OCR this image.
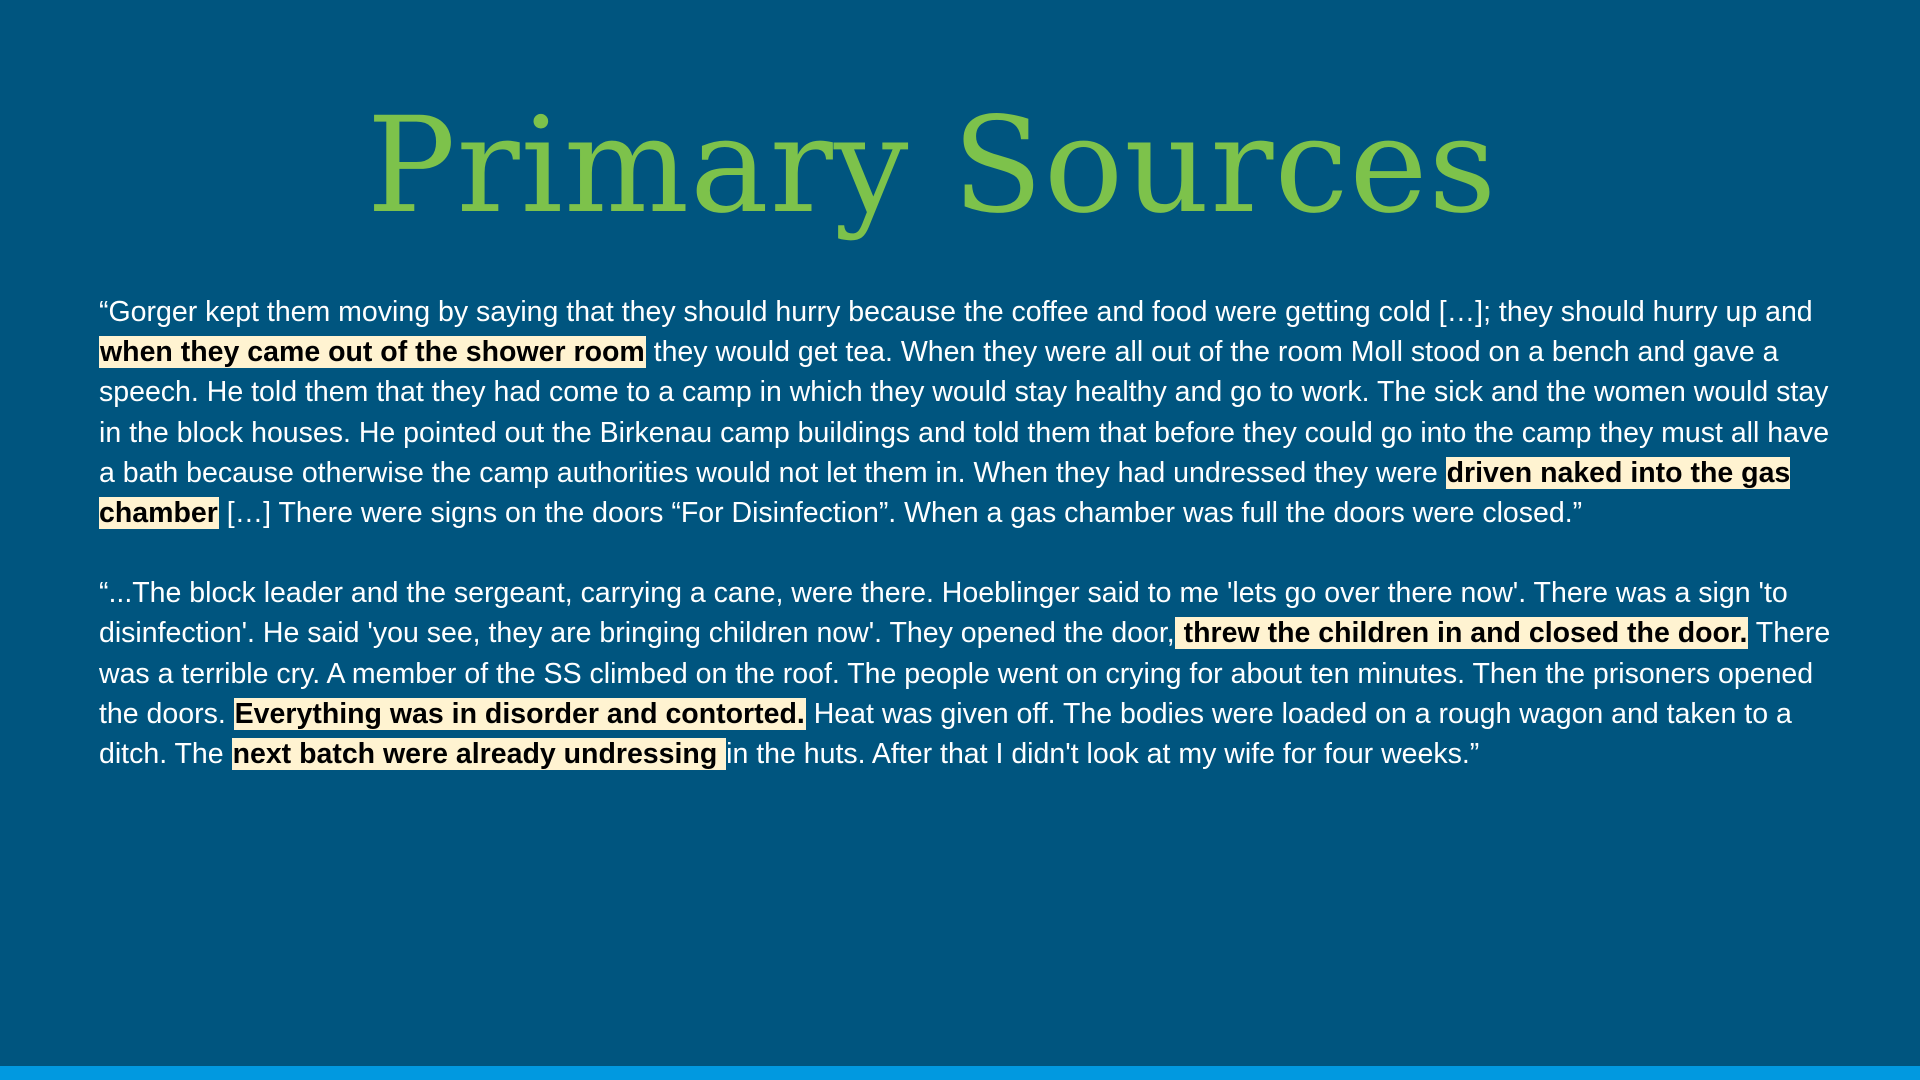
Primary Sources

“Gorger kept them moving by saying that they should hurry because the coffee and food were getting cold […]; they should hurry up and when they came out of the shower room they would get tea. When they were all out of the room Moll stood on a bench and gave a speech. He told them that they had come to a camp in which they would stay healthy and go to work. The sick and the women would stay in the block houses. He pointed out the Birkenau camp buildings and told them that before they could go into the camp they must all have a bath because otherwise the camp authorities would not let them in. When they had undressed they were driven naked into the gas chamber […] There were signs on the doors “For Disinfection”. When a gas chamber was full the doors were closed.”

“...The block leader and the sergeant, carrying a cane, were there. Hoeblinger said to me 'lets go over there now'. There was a sign 'to disinfection'. He said 'you see, they are bringing children now'. They opened the door, threw the children in and closed the door. There was a terrible cry. A member of the SS climbed on the roof. The people went on crying for about ten minutes. Then the prisoners opened the doors. Everything was in disorder and contorted. Heat was given off. The bodies were loaded on a rough wagon and taken to a ditch. The next batch were already undressing in the huts. After that I didn't look at my wife for four weeks.”
